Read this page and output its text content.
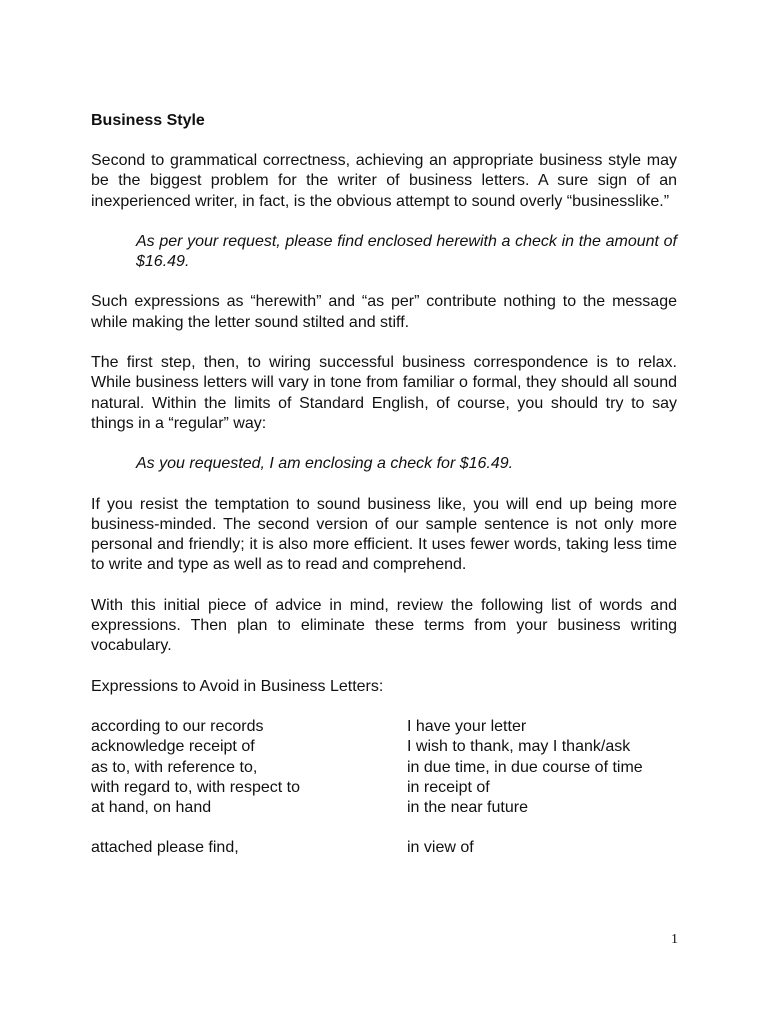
Business Style

Second to grammatical correctness, achieving an appropriate business style may be the biggest problem for the writer of business letters. A sure sign of an inexperienced writer, in fact, is the obvious attempt to sound overly “businesslike.”

As per your request, please find enclosed herewith a check in the amount of $16.49.

Such expressions as “herewith” and “as per” contribute nothing to the message while making the letter sound stilted and stiff.

The first step, then, to wiring successful business correspondence is to relax. While business letters will vary in tone from familiar o formal, they should all sound natural. Within the limits of Standard English, of course, you should try to say things in a “regular” way:

As you requested, I am enclosing a check for $16.49.

If you resist the temptation to sound business like, you will end up being more business-minded. The second version of our sample sentence is not only more personal and friendly; it is also more efficient. It uses fewer words, taking less time to write and type as well as to read and comprehend.

With this initial piece of advice in mind, review the following list of words and expressions. Then plan to eliminate these terms from your business writing vocabulary.

Expressions to Avoid in Business Letters:

according to our records	I have your letter
acknowledge receipt of	I wish to thank, may I thank/ask
as to, with reference to,	in due time, in due course of time
with regard to, with respect to	in receipt of
at hand, on hand	in the near future
attached please find,	in view of
1
